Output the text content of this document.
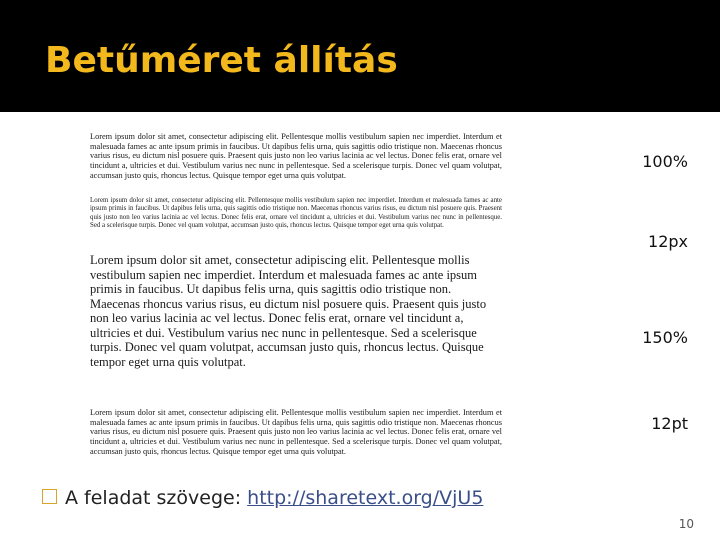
Betűméret állítás
Lorem ipsum dolor sit amet, consectetur adipiscing elit. Pellentesque mollis vestibulum sapien nec imperdiet. Interdum et malesuada fames ac ante ipsum primis in faucibus. Ut dapibus felis urna, quis sagittis odio tristique non. Maecenas rhoncus varius risus, eu dictum nisl posuere quis. Praesent quis justo non leo varius lacinia ac vel lectus. Donec felis erat, ornare vel tincidunt a, ultricies et dui. Vestibulum varius nec nunc in pellentesque. Sed a scelerisque turpis. Donec vel quam volutpat, accumsan justo quis, rhoncus lectus. Quisque tempor eget urna quis volutpat.
Lorem ipsum dolor sit amet, consectetur adipiscing elit. Pellentesque mollis vestibulum sapien nec imperdiet. Interdum et malesuada fames ac ante ipsum primis in faucibus. Ut dapibus felis urna, quis sagittis odio tristique non. Maecenas rhoncus varius risus, eu dictum nisl posuere quis. Praesent quis justo non leo varius lacinia ac vel lectus. Donec felis erat, ornare vel tincidunt a, ultricies et dui. Vestibulum varius nec nunc in pellentesque. Sed a scelerisque turpis. Donec vel quam volutpat, accumsan justo quis, rhoncus lectus. Quisque tempor eget urna quis volutpat.
Lorem ipsum dolor sit amet, consectetur adipiscing elit. Pellentesque mollis vestibulum sapien nec imperdiet. Interdum et malesuada fames ac ante ipsum primis in faucibus. Ut dapibus felis urna, quis sagittis odio tristique non. Maecenas rhoncus varius risus, eu dictum nisl posuere quis. Praesent quis justo non leo varius lacinia ac vel lectus. Donec felis erat, ornare vel tincidunt a, ultricies et dui. Vestibulum varius nec nunc in pellentesque. Sed a scelerisque turpis. Donec vel quam volutpat, accumsan justo quis, rhoncus lectus. Quisque tempor eget urna quis volutpat.
Lorem ipsum dolor sit amet, consectetur adipiscing elit. Pellentesque mollis vestibulum sapien nec imperdiet. Interdum et malesuada fames ac ante ipsum primis in faucibus. Ut dapibus felis urna, quis sagittis odio tristique non. Maecenas rhoncus varius risus, eu dictum nisl posuere quis. Praesent quis justo non leo varius lacinia ac vel lectus. Donec felis erat, ornare vel tincidunt a, ultricies et dui. Vestibulum varius nec nunc in pellentesque. Sed a scelerisque turpis. Donec vel quam volutpat, accumsan justo quis, rhoncus lectus. Quisque tempor eget urna quis volutpat.
100%
12px
150%
12pt
A feladat szövege: http://sharetext.org/VjU5
10
